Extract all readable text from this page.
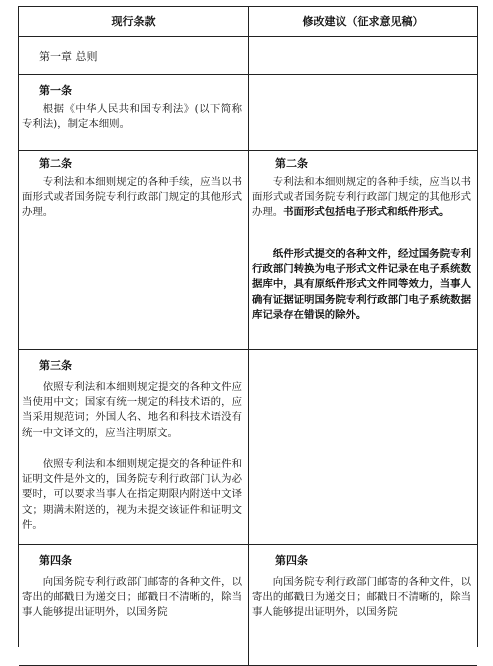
现行条款	修改建议（征求意见稿）
第一章 总则
第一条

根据《中华人民共和国专利法》(以下简称专利法)，制定本细则。

第二条

专利法和本细则规定的各种手续，应当以书面形式或者国务院专利行政部门规定的其他形式办理。

第二条

专利法和本细则规定的各种手续，应当以书面形式或者国务院专利行政部门规定的其他形式办理。书面形式包括电子形式和纸件形式。

纸件形式提交的各种文件，经过国务院专利行政部门转换为电子形式文件记录在电子系统数据库中，具有原纸件形式文件同等效力，当事人确有证据证明国务院专利行政部门电子系统数据库记录存在错误的除外。

第三条

依照专利法和本细则规定提交的各种文件应当使用中文；国家有统一规定的科技术语的，应当采用规范词；外国人名、地名和科技术语没有统一中文译文的，应当注明原文。

依照专利法和本细则规定提交的各种证件和证明文件是外文的，国务院专利行政部门认为必要时，可以要求当事人在指定期限内附送中文译文；期满未附送的，视为未提交该证件和证明文件。

第四条

向国务院专利行政部门邮寄的各种文件，以寄出的邮戳日为递交日；邮戳日不清晰的，除当事人能够提出证明外，以国务院

第四条

向国务院专利行政部门邮寄的各种文件，以寄出的邮戳日为递交日；邮戳日不清晰的，除当事人能够提出证明外，以国务院
